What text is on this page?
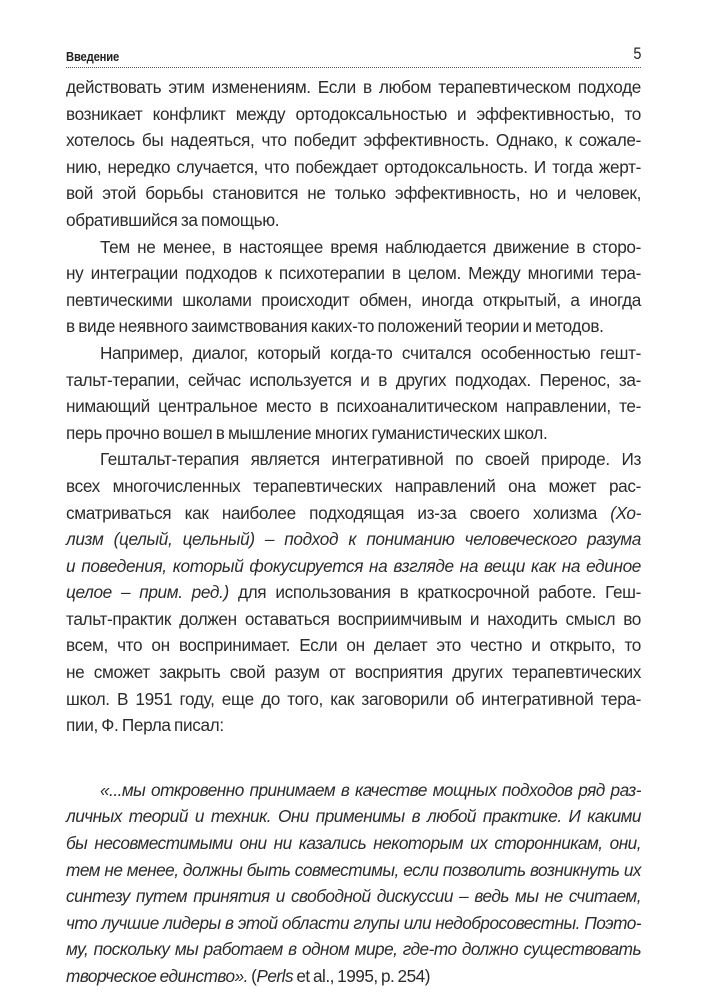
Введение	5
действовать этим изменениям. Если в любом терапевтическом подходе
возникает конфликт между ортодоксальностью и эффективностью, то
хотелось бы надеяться, что победит эффективность. Однако, к сожале-
нию, нередко случается, что побеждает ортодоксальность. И тогда жерт-
вой этой борьбы становится не только эффективность, но и человек,
обратившийся за помощью.
Тем не менее, в настоящее время наблюдается движение в сторо-
ну интеграции подходов к психотерапии в целом. Между многими тера-
певтическими школами происходит обмен, иногда открытый, а иногда
в виде неявного заимствования каких-то положений теории и методов.
Например, диалог, который когда-то считался особенностью гешт-
тальт-терапии, сейчас используется и в других подходах. Перенос, за-
нимающий центральное место в психоаналитическом направлении, те-
перь прочно вошел в мышление многих гуманистических школ.
Гештальт-терапия является интегративной по своей природе. Из
всех многочисленных терапевтических направлений она может рас-
сматриваться как наиболее подходящая из-за своего холизма (Хо-
лизм (целый, цельный) – подход к пониманию человеческого разума
и поведения, который фокусируется на взгляде на вещи как на единое
целое – прим. ред.) для использования в краткосрочной работе. Геш-
тальт-практик должен оставаться восприимчивым и находить смысл во
всем, что он воспринимает. Если он делает это честно и открыто, то
не сможет закрыть свой разум от восприятия других терапевтических
школ. В 1951 году, еще до того, как заговорили об интегративной тера-
пии, Ф. Перла писал:
«...мы откровенно принимаем в качестве мощных подходов ряд раз-
личных теорий и техник. Они применимы в любой практике. И какими
бы несовместимыми они ни казались некоторым их сторонникам, они,
тем не менее, должны быть совместимы, если позволить возникнуть их
синтезу путем принятия и свободной дискуссии – ведь мы не считаем,
что лучшие лидеры в этой области глупы или недобросовестны. Поэто-
му, поскольку мы работаем в одном мире, где-то должно существовать
творческое единство». (Perls et al., 1995, p. 254)
